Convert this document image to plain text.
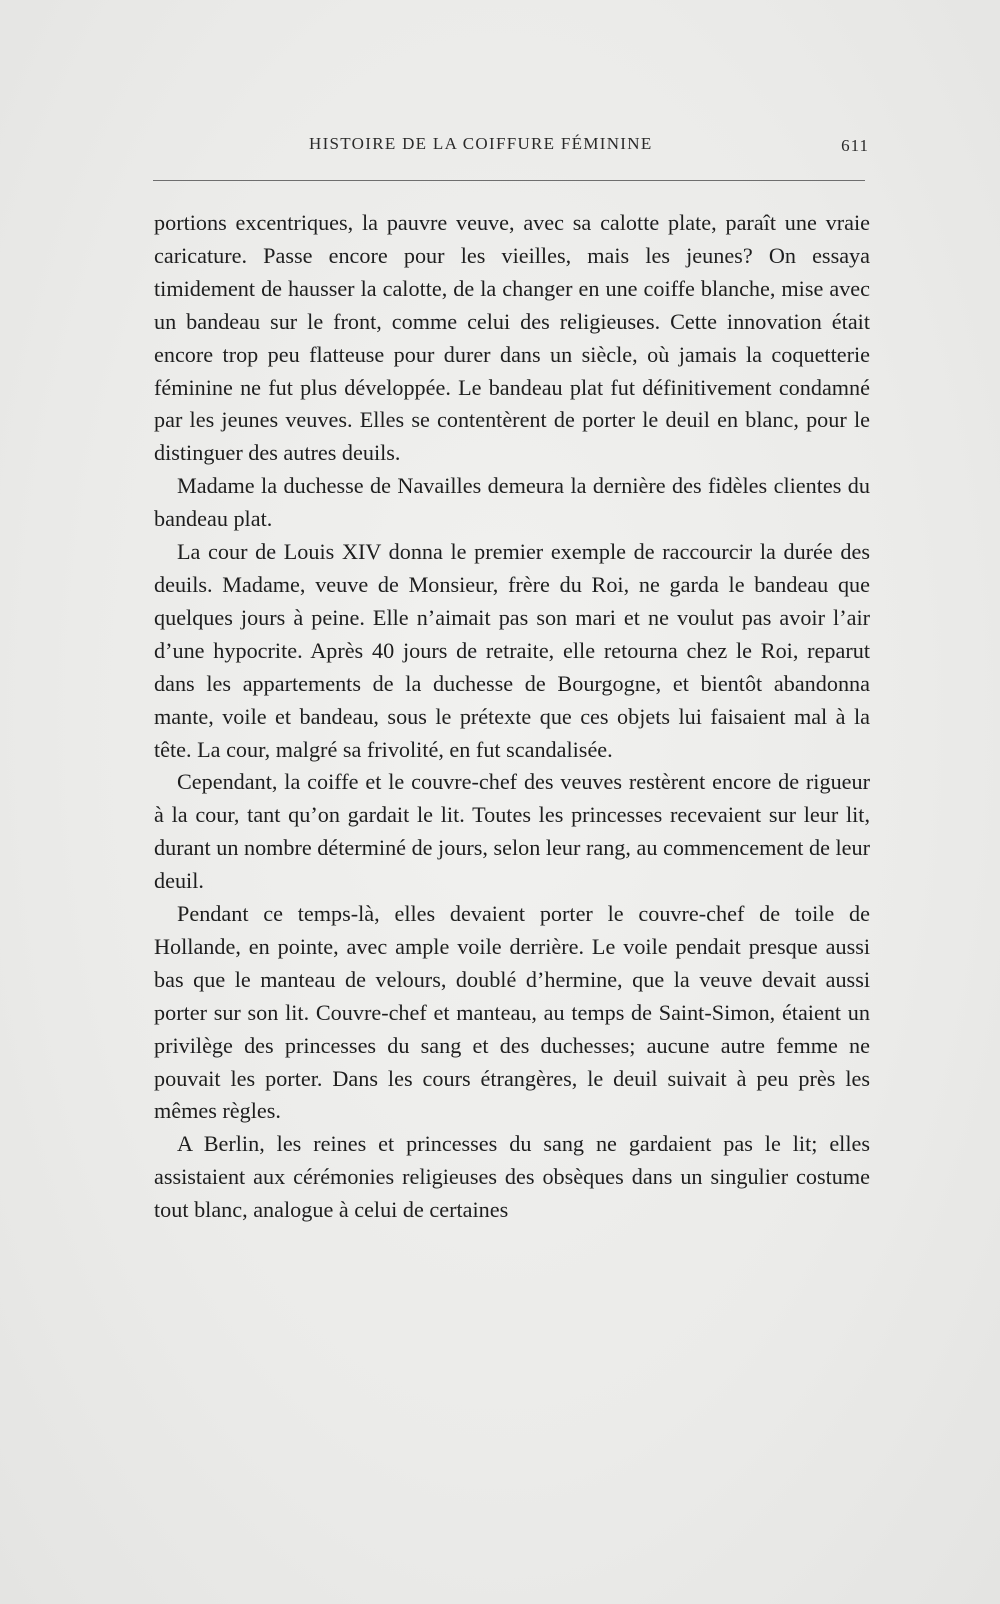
HISTOIRE DE LA COIFFURE FÉMININE	611

portions excentriques, la pauvre veuve, avec sa calotte plate, paraît une vraie caricature. Passe encore pour les vieilles, mais les jeunes? On essaya timidement de hausser la calotte, de la changer en une coiffe blanche, mise avec un bandeau sur le front, comme celui des religieuses. Cette innovation était encore trop peu flatteuse pour durer dans un siècle, où jamais la coquetterie féminine ne fut plus développée. Le bandeau plat fut définitivement condamné par les jeunes veuves. Elles se contentèrent de porter le deuil en blanc, pour le distinguer des autres deuils.

Madame la duchesse de Navailles demeura la dernière des fidèles clientes du bandeau plat.

La cour de Louis XIV donna le premier exemple de raccourcir la durée des deuils. Madame, veuve de Monsieur, frère du Roi, ne garda le bandeau que quelques jours à peine. Elle n’aimait pas son mari et ne voulut pas avoir l’air d’une hypocrite. Après 40 jours de retraite, elle retourna chez le Roi, reparut dans les appartements de la duchesse de Bourgogne, et bientôt abandonna mante, voile et bandeau, sous le prétexte que ces objets lui faisaient mal à la tête. La cour, malgré sa frivolité, en fut scandalisée.

Cependant, la coiffe et le couvre-chef des veuves restèrent encore de rigueur à la cour, tant qu’on gardait le lit. Toutes les princesses recevaient sur leur lit, durant un nombre déterminé de jours, selon leur rang, au commencement de leur deuil.

Pendant ce temps-là, elles devaient porter le couvre-chef de toile de Hollande, en pointe, avec ample voile derrière. Le voile pendait presque aussi bas que le manteau de velours, doublé d’hermine, que la veuve devait aussi porter sur son lit. Couvre-chef et manteau, au temps de Saint-Simon, étaient un privilège des princesses du sang et des duchesses; aucune autre femme ne pouvait les porter. Dans les cours étrangères, le deuil suivait à peu près les mêmes règles.

A Berlin, les reines et princesses du sang ne gardaient pas le lit; elles assistaient aux cérémonies religieuses des obsèques dans un singulier costume tout blanc, analogue à celui de certaines
